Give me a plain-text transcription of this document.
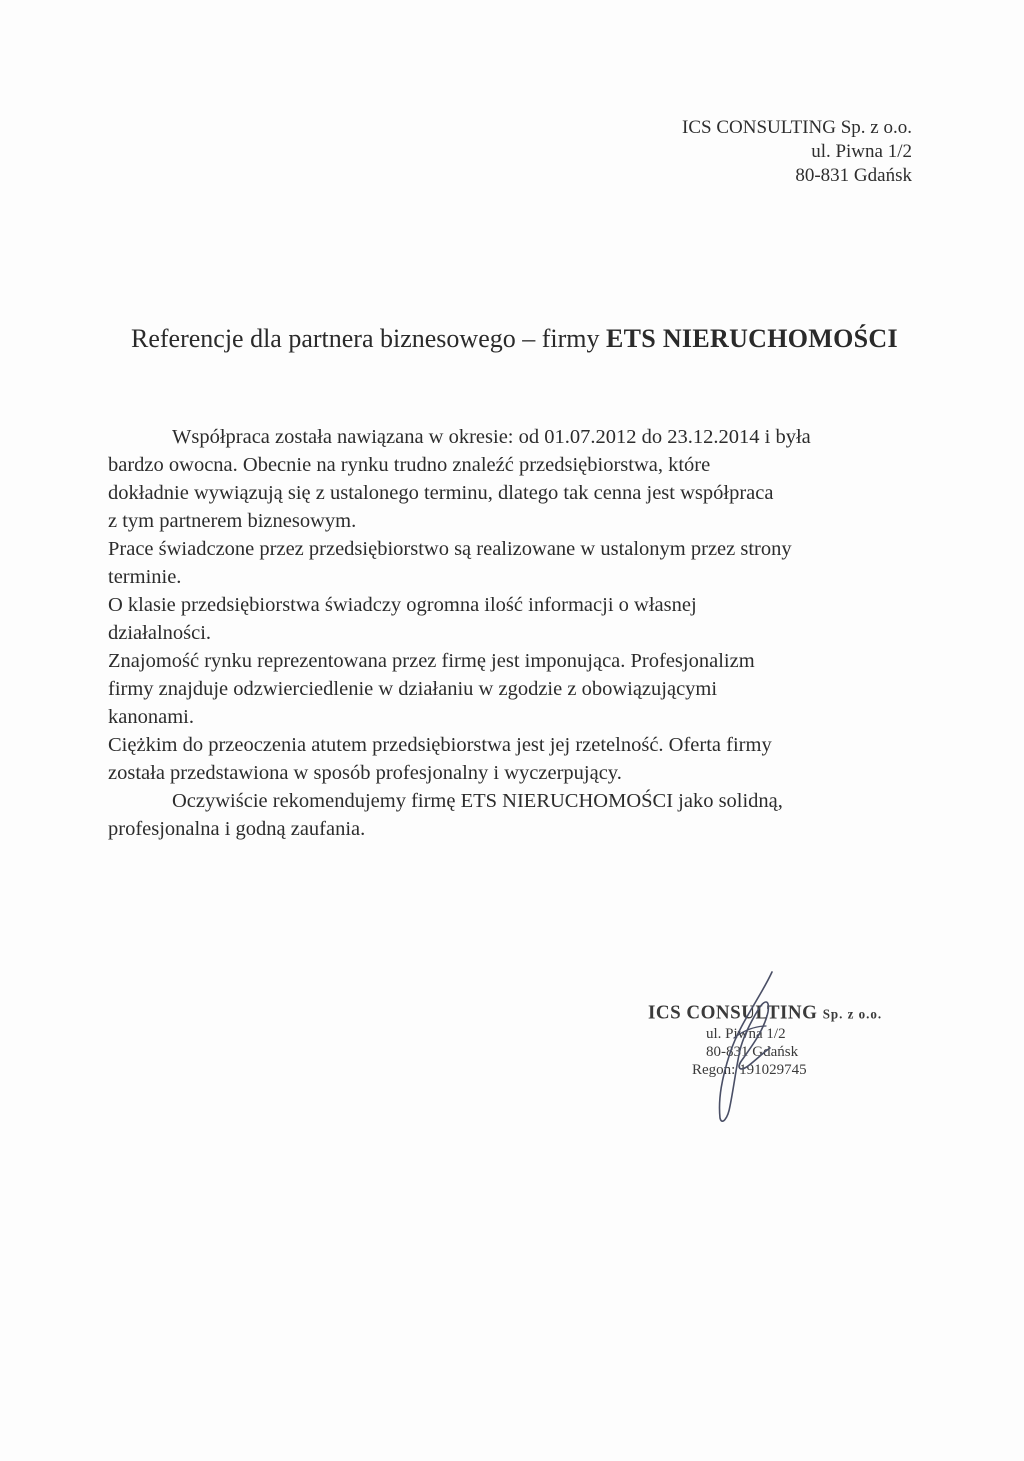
ICS CONSULTING Sp. z o.o.
ul. Piwna 1/2
80-831 Gdańsk
Referencje dla partnera biznesowego – firmy ETS NIERUCHOMOŚCI
Współpraca została nawiązana w okresie: od 01.07.2012 do 23.12.2014 i była
bardzo owocna. Obecnie na rynku trudno znaleźć przedsiębiorstwa, które
dokładnie wywiązują się z ustalonego terminu, dlatego tak cenna jest współpraca
z tym partnerem biznesowym.
Prace świadczone przez przedsiębiorstwo są realizowane w ustalonym przez strony
terminie.
O klasie przedsiębiorstwa świadczy ogromna ilość informacji o własnej
działalności.
Znajomość rynku reprezentowana przez firmę jest imponująca. Profesjonalizm
firmy znajduje odzwierciedlenie w działaniu w zgodzie z obowiązującymi
kanonami.
Ciężkim do przeoczenia atutem przedsiębiorstwa jest jej rzetelność. Oferta firmy
została przedstawiona w sposób profesjonalny i wyczerpujący.
Oczywiście rekomendujemy firmę ETS NIERUCHOMOŚCI jako solidną,
profesjonalna i godną zaufania.
ICS CONSULTING Sp. z o.o.
ul. Piwna 1/2
80-831 Gdańsk
Regon: 191029745
